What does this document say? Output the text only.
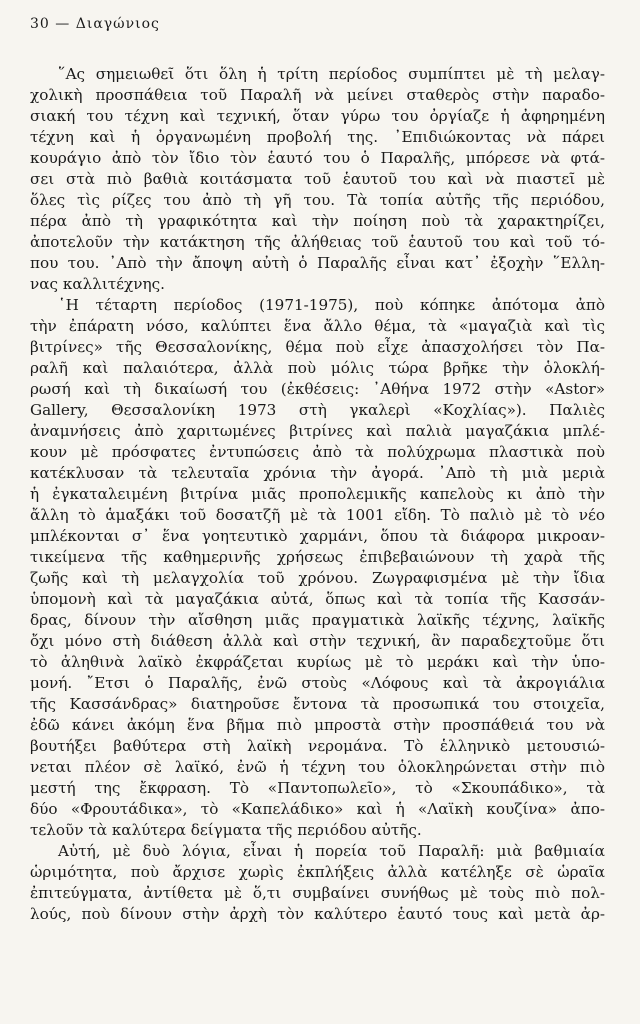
30 — Διαγώνιος
῞Ας σημειωθεῖ ὅτι ὅλη ἡ τρίτη περίοδος συμπίπτει μὲ τὴ μελαγ-
χολικὴ προσπάθεια τοῦ Παραλῆ νὰ μείνει σταθερὸς στὴν παραδο-
σιακή του τέχνη καὶ τεχνική, ὅταν γύρω του ὀργίαζε ἡ ἀφηρημένη
τέχνη καὶ ἡ ὀργανωμένη προβολή της. ᾿Επιδιώκοντας νὰ πάρει
κουράγιο ἀπὸ τὸν ἴδιο τὸν ἑαυτό του ὁ Παραλῆς, μπόρεσε νὰ φτά-
σει στὰ πιὸ βαθιὰ κοιτάσματα τοῦ ἑαυτοῦ του καὶ νὰ πιαστεῖ μὲ
ὅλες τὶς ρίζες του ἀπὸ τὴ γῆ του. Τὰ τοπία αὐτῆς τῆς περιόδου,
πέρα ἀπὸ τὴ γραφικότητα καὶ τὴν ποίηση ποὺ τὰ χαρακτηρίζει,
ἀποτελοῦν τὴν κατάκτηση τῆς ἀλήθειας τοῦ ἑαυτοῦ του καὶ τοῦ τό-
που του. ᾿Απὸ τὴν ἄποψη αὐτὴ ὁ Παραλῆς εἶναι κατ᾿ ἐξοχὴν ῞Ελλη-
νας καλλιτέχνης.
῾Η τέταρτη περίοδος (1971-1975), ποὺ κόπηκε ἀπότομα ἀπὸ
τὴν ἐπάρατη νόσο, καλύπτει ἕνα ἄλλο θέμα, τὰ «μαγαζιὰ καὶ τὶς
βιτρίνες» τῆς Θεσσαλονίκης, θέμα ποὺ εἶχε ἀπασχολήσει τὸν Πα-
ραλῆ καὶ παλαιότερα, ἀλλὰ ποὺ μόλις τώρα βρῆκε τὴν ὁλοκλή-
ρωσή καὶ τὴ δικαίωσή του (ἐκθέσεις: ᾿Αθήνα 1972 στὴν «Astor»
Gallery, Θεσσαλονίκη 1973 στὴ γκαλερὶ «Κοχλίας»). Παλιὲς
ἀναμνήσεις ἀπὸ χαριτωμένες βιτρίνες καὶ παλιὰ μαγαζάκια μπλέ-
κουν μὲ πρόσφατες ἐντυπώσεις ἀπὸ τὰ πολύχρωμα πλαστικὰ ποὺ
κατέκλυσαν τὰ τελευταῖα χρόνια τὴν ἀγορά. ᾿Απὸ τὴ μιὰ μεριὰ
ἡ ἐγκαταλειμένη βιτρίνα μιᾶς προπολεμικῆς καπελοὺς κι ἀπὸ τὴν
ἄλλη τὸ ἁμαξάκι τοῦ δοσατζῆ μὲ τὰ 1001 εἴδη. Τὸ παλιὸ μὲ τὸ νέο
μπλέκονται σ᾿ ἕνα γοητευτικὸ χαρμάνι, ὅπου τὰ διάφορα μικροαν-
τικείμενα τῆς καθημερινῆς χρήσεως ἐπιβεβαιώνουν τὴ χαρὰ τῆς
ζωῆς καὶ τὴ μελαγχολία τοῦ χρόνου. Ζωγραφισμένα μὲ τὴν ἴδια
ὑπομονὴ καὶ τὰ μαγαζάκια αὐτά, ὅπως καὶ τὰ τοπία τῆς Κασσάν-
δρας, δίνουν τὴν αἴσθηση μιᾶς πραγματικὰ λαϊκῆς τέχνης, λαϊκῆς
ὄχι μόνο στὴ διάθεση ἀλλὰ καὶ στὴν τεχνική, ἂν παραδεχτοῦμε ὅτι
τὸ ἀληθινὰ λαϊκὸ ἐκφράζεται κυρίως μὲ τὸ μεράκι καὶ τὴν ὑπο-
μονή. ῎Ετσι ὁ Παραλῆς, ἐνῶ στοὺς «Λόφους καὶ τὰ ἀκρογιάλια
τῆς Κασσάνδρας» διατηροῦσε ἔντονα τὰ προσωπικά του στοιχεῖα,
ἐδῶ κάνει ἀκόμη ἕνα βῆμα πιὸ μπροστὰ στὴν προσπάθειά του νὰ
βουτήξει βαθύτερα στὴ λαϊκὴ νερομάνα. Τὸ ἑλληνικὸ μετουσιώ-
νεται πλέον σὲ λαϊκό, ἐνῶ ἡ τέχνη του ὁλοκληρώνεται στὴν πιὸ
μεστή της ἔκφραση. Τὸ «Παντοπωλεῖο», τὸ «Σκουπάδικο», τὰ
δύο «Φρουτάδικα», τὸ «Καπελάδικο» καὶ ἡ «Λαϊκὴ κουζίνα» ἀπο-
τελοῦν τὰ καλύτερα δείγματα τῆς περιόδου αὐτῆς.
Αὐτή, μὲ δυὸ λόγια, εἶναι ἡ πορεία τοῦ Παραλῆ: μιὰ βαθμιαία
ὡριμότητα, ποὺ ἄρχισε χωρὶς ἐκπλήξεις ἀλλὰ κατέληξε σὲ ὡραῖα
ἐπιτεύγματα, ἀντίθετα μὲ ὅ,τι συμβαίνει συνήθως μὲ τοὺς πιὸ πολ-
λούς, ποὺ δίνουν στὴν ἀρχὴ τὸν καλύτερο ἑαυτό τους καὶ μετὰ ἀρ-
